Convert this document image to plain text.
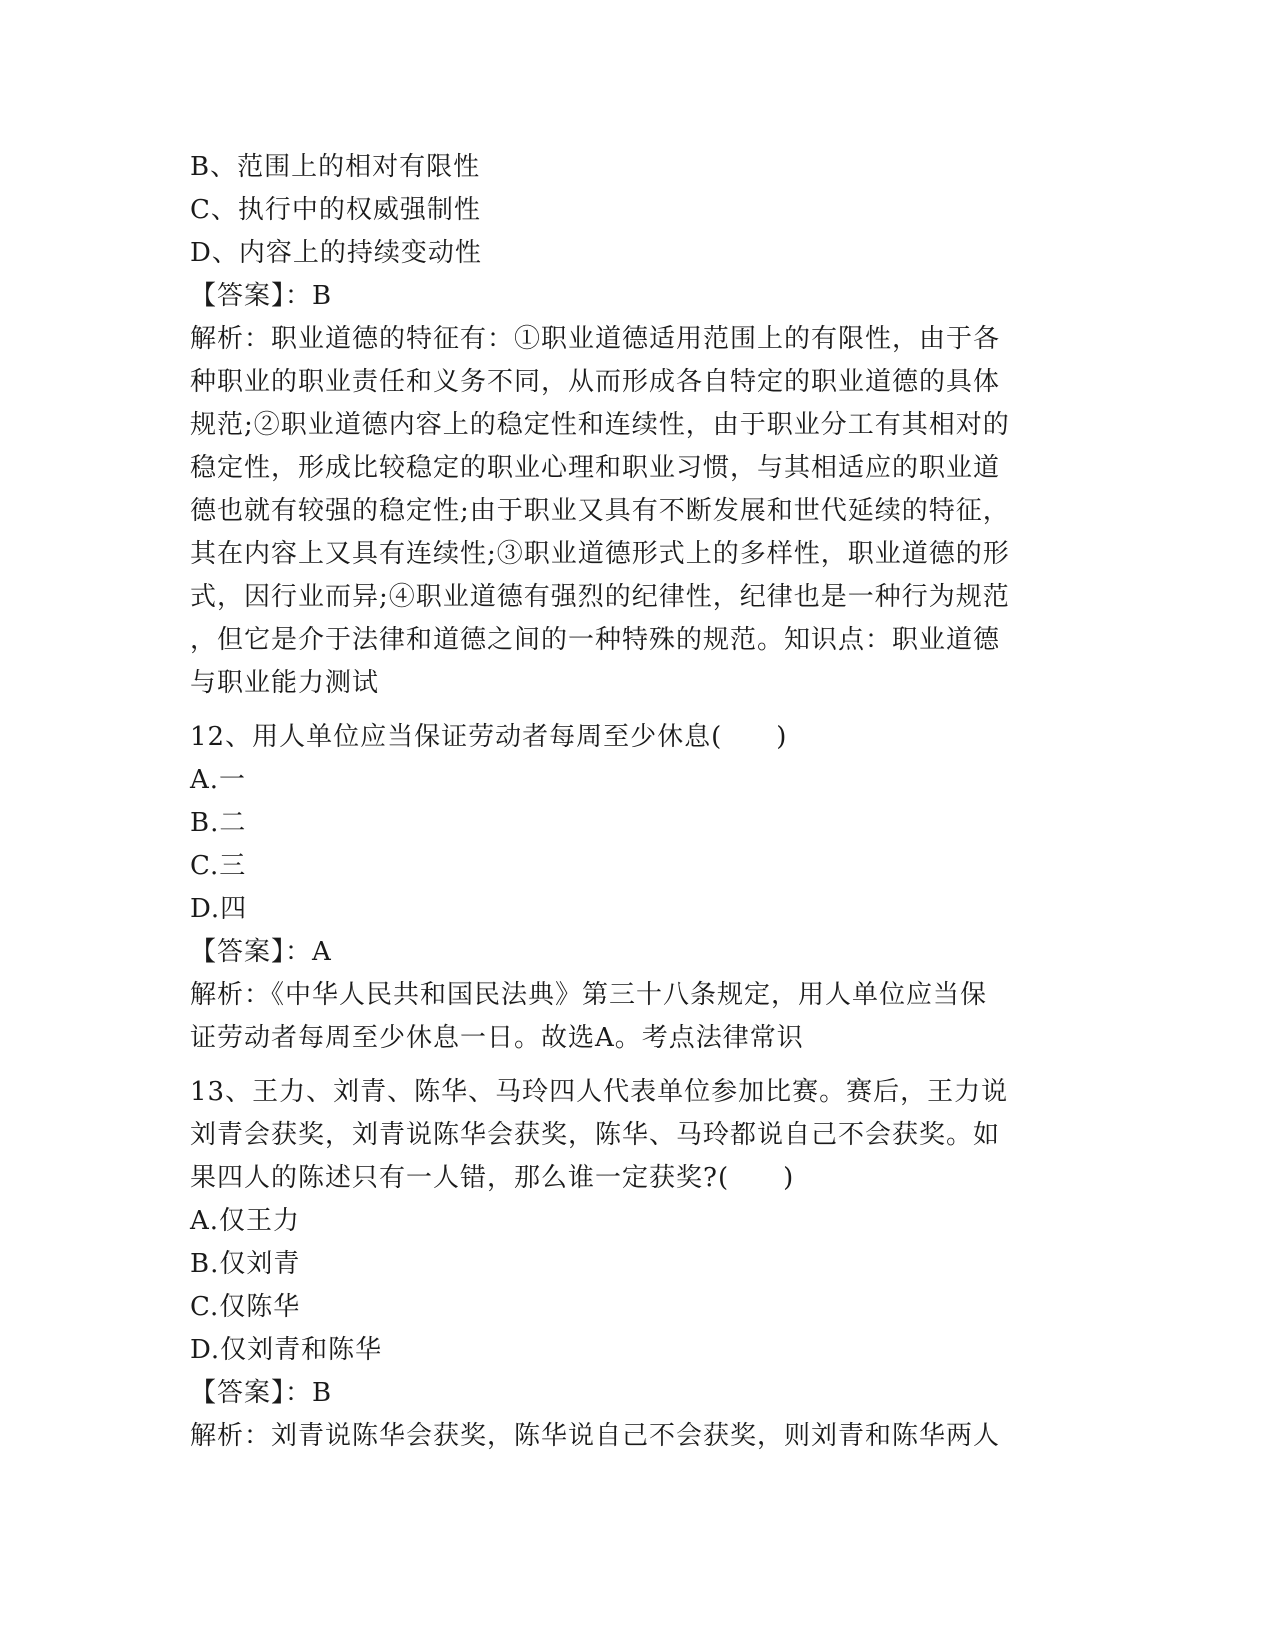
B、范围上的相对有限性
C、执行中的权威强制性
D、内容上的持续变动性
【答案】：B
解析：职业道德的特征有：①职业道德适用范围上的有限性，由于各
种职业的职业责任和义务不同，从而形成各自特定的职业道德的具体
规范;②职业道德内容上的稳定性和连续性，由于职业分工有其相对的
稳定性，形成比较稳定的职业心理和职业习惯，与其相适应的职业道
德也就有较强的稳定性;由于职业又具有不断发展和世代延续的特征，
其在内容上又具有连续性;③职业道德形式上的多样性，职业道德的形
式，因行业而异;④职业道德有强烈的纪律性，纪律也是一种行为规范
，但它是介于法律和道德之间的一种特殊的规范。知识点：职业道德
与职业能力测试
12、用人单位应当保证劳动者每周至少休息(　　)
A.一
B.二
C.三
D.四
【答案】：A
解析：《中华人民共和国民法典》第三十八条规定，用人单位应当保
证劳动者每周至少休息一日。故选A。考点法律常识
13、王力、刘青、陈华、马玲四人代表单位参加比赛。赛后，王力说
刘青会获奖，刘青说陈华会获奖，陈华、马玲都说自己不会获奖。如
果四人的陈述只有一人错，那么谁一定获奖?(　　)
A.仅王力
B.仅刘青
C.仅陈华
D.仅刘青和陈华
【答案】：B
解析：刘青说陈华会获奖，陈华说自己不会获奖，则刘青和陈华两人
